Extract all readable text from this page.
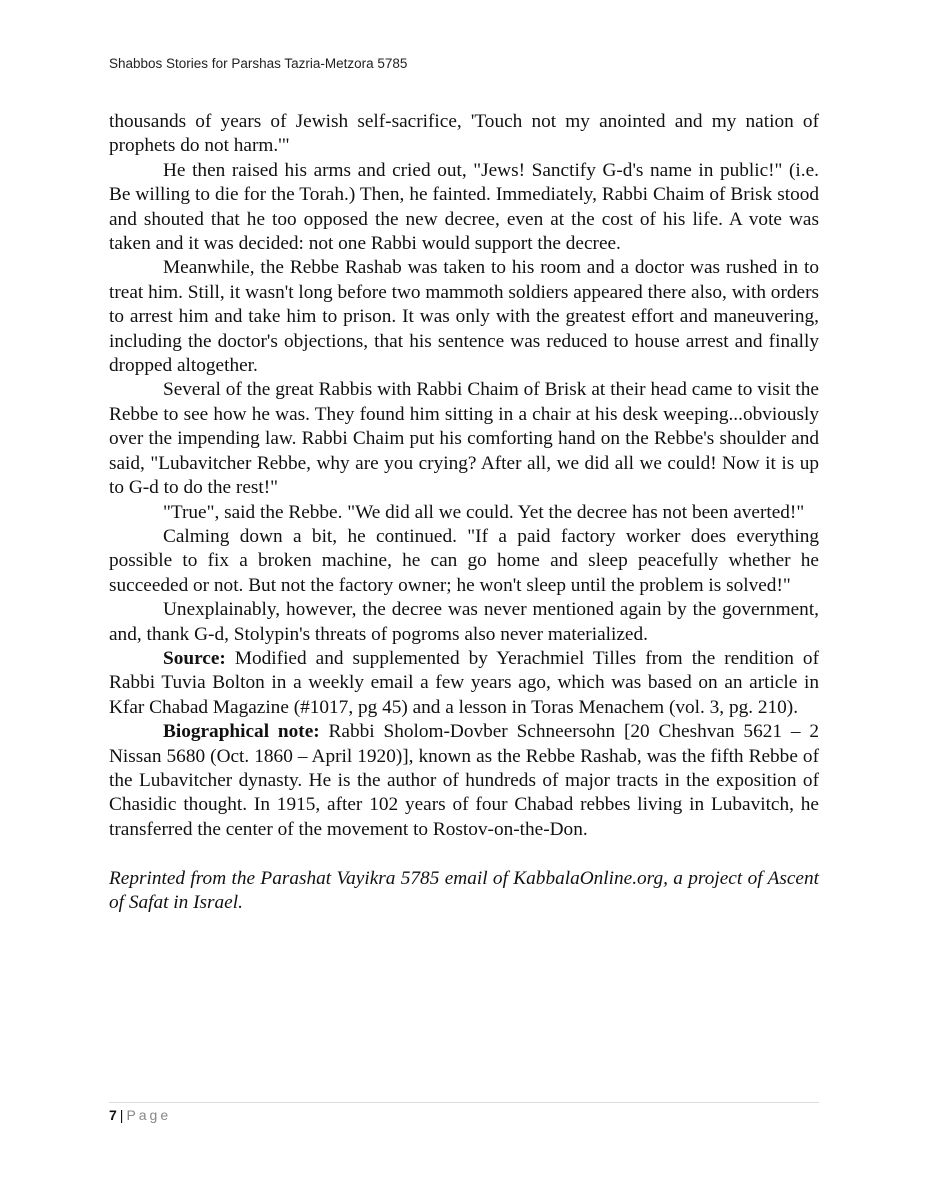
Shabbos Stories for Parshas Tazria-Metzora 5785

thousands of years of Jewish self-sacrifice, 'Touch not my anointed and my nation of prophets do not harm.'"

He then raised his arms and cried out, "Jews! Sanctify G-d's name in public!" (i.e. Be willing to die for the Torah.) Then, he fainted. Immediately, Rabbi Chaim of Brisk stood and shouted that he too opposed the new decree, even at the cost of his life. A vote was taken and it was decided: not one Rabbi would support the decree.

Meanwhile, the Rebbe Rashab was taken to his room and a doctor was rushed in to treat him. Still, it wasn't long before two mammoth soldiers appeared there also, with orders to arrest him and take him to prison. It was only with the greatest effort and maneuvering, including the doctor's objections, that his sentence was reduced to house arrest and finally dropped altogether.

Several of the great Rabbis with Rabbi Chaim of Brisk at their head came to visit the Rebbe to see how he was. They found him sitting in a chair at his desk weeping...obviously over the impending law. Rabbi Chaim put his comforting hand on the Rebbe's shoulder and said, "Lubavitcher Rebbe, why are you crying? After all, we did all we could! Now it is up to G-d to do the rest!"

"True", said the Rebbe. "We did all we could. Yet the decree has not been averted!"

Calming down a bit, he continued. "If a paid factory worker does everything possible to fix a broken machine, he can go home and sleep peacefully whether he succeeded or not. But not the factory owner; he won't sleep until the problem is solved!"

Unexplainably, however, the decree was never mentioned again by the government, and, thank G-d, Stolypin's threats of pogroms also never materialized.

Source: Modified and supplemented by Yerachmiel Tilles from the rendition of Rabbi Tuvia Bolton in a weekly email a few years ago, which was based on an article in Kfar Chabad Magazine (#1017, pg 45) and a lesson in Toras Menachem (vol. 3, pg. 210).

Biographical note: Rabbi Sholom-Dovber Schneersohn [20 Cheshvan 5621 – 2 Nissan 5680 (Oct. 1860 – April 1920)], known as the Rebbe Rashab, was the fifth Rebbe of the Lubavitcher dynasty. He is the author of hundreds of major tracts in the exposition of Chasidic thought. In 1915, after 102 years of four Chabad rebbes living in Lubavitch, he transferred the center of the movement to Rostov-on-the-Don.

Reprinted from the Parashat Vayikra 5785 email of KabbalaOnline.org, a project of Ascent of Safat in Israel.

7 | Page
